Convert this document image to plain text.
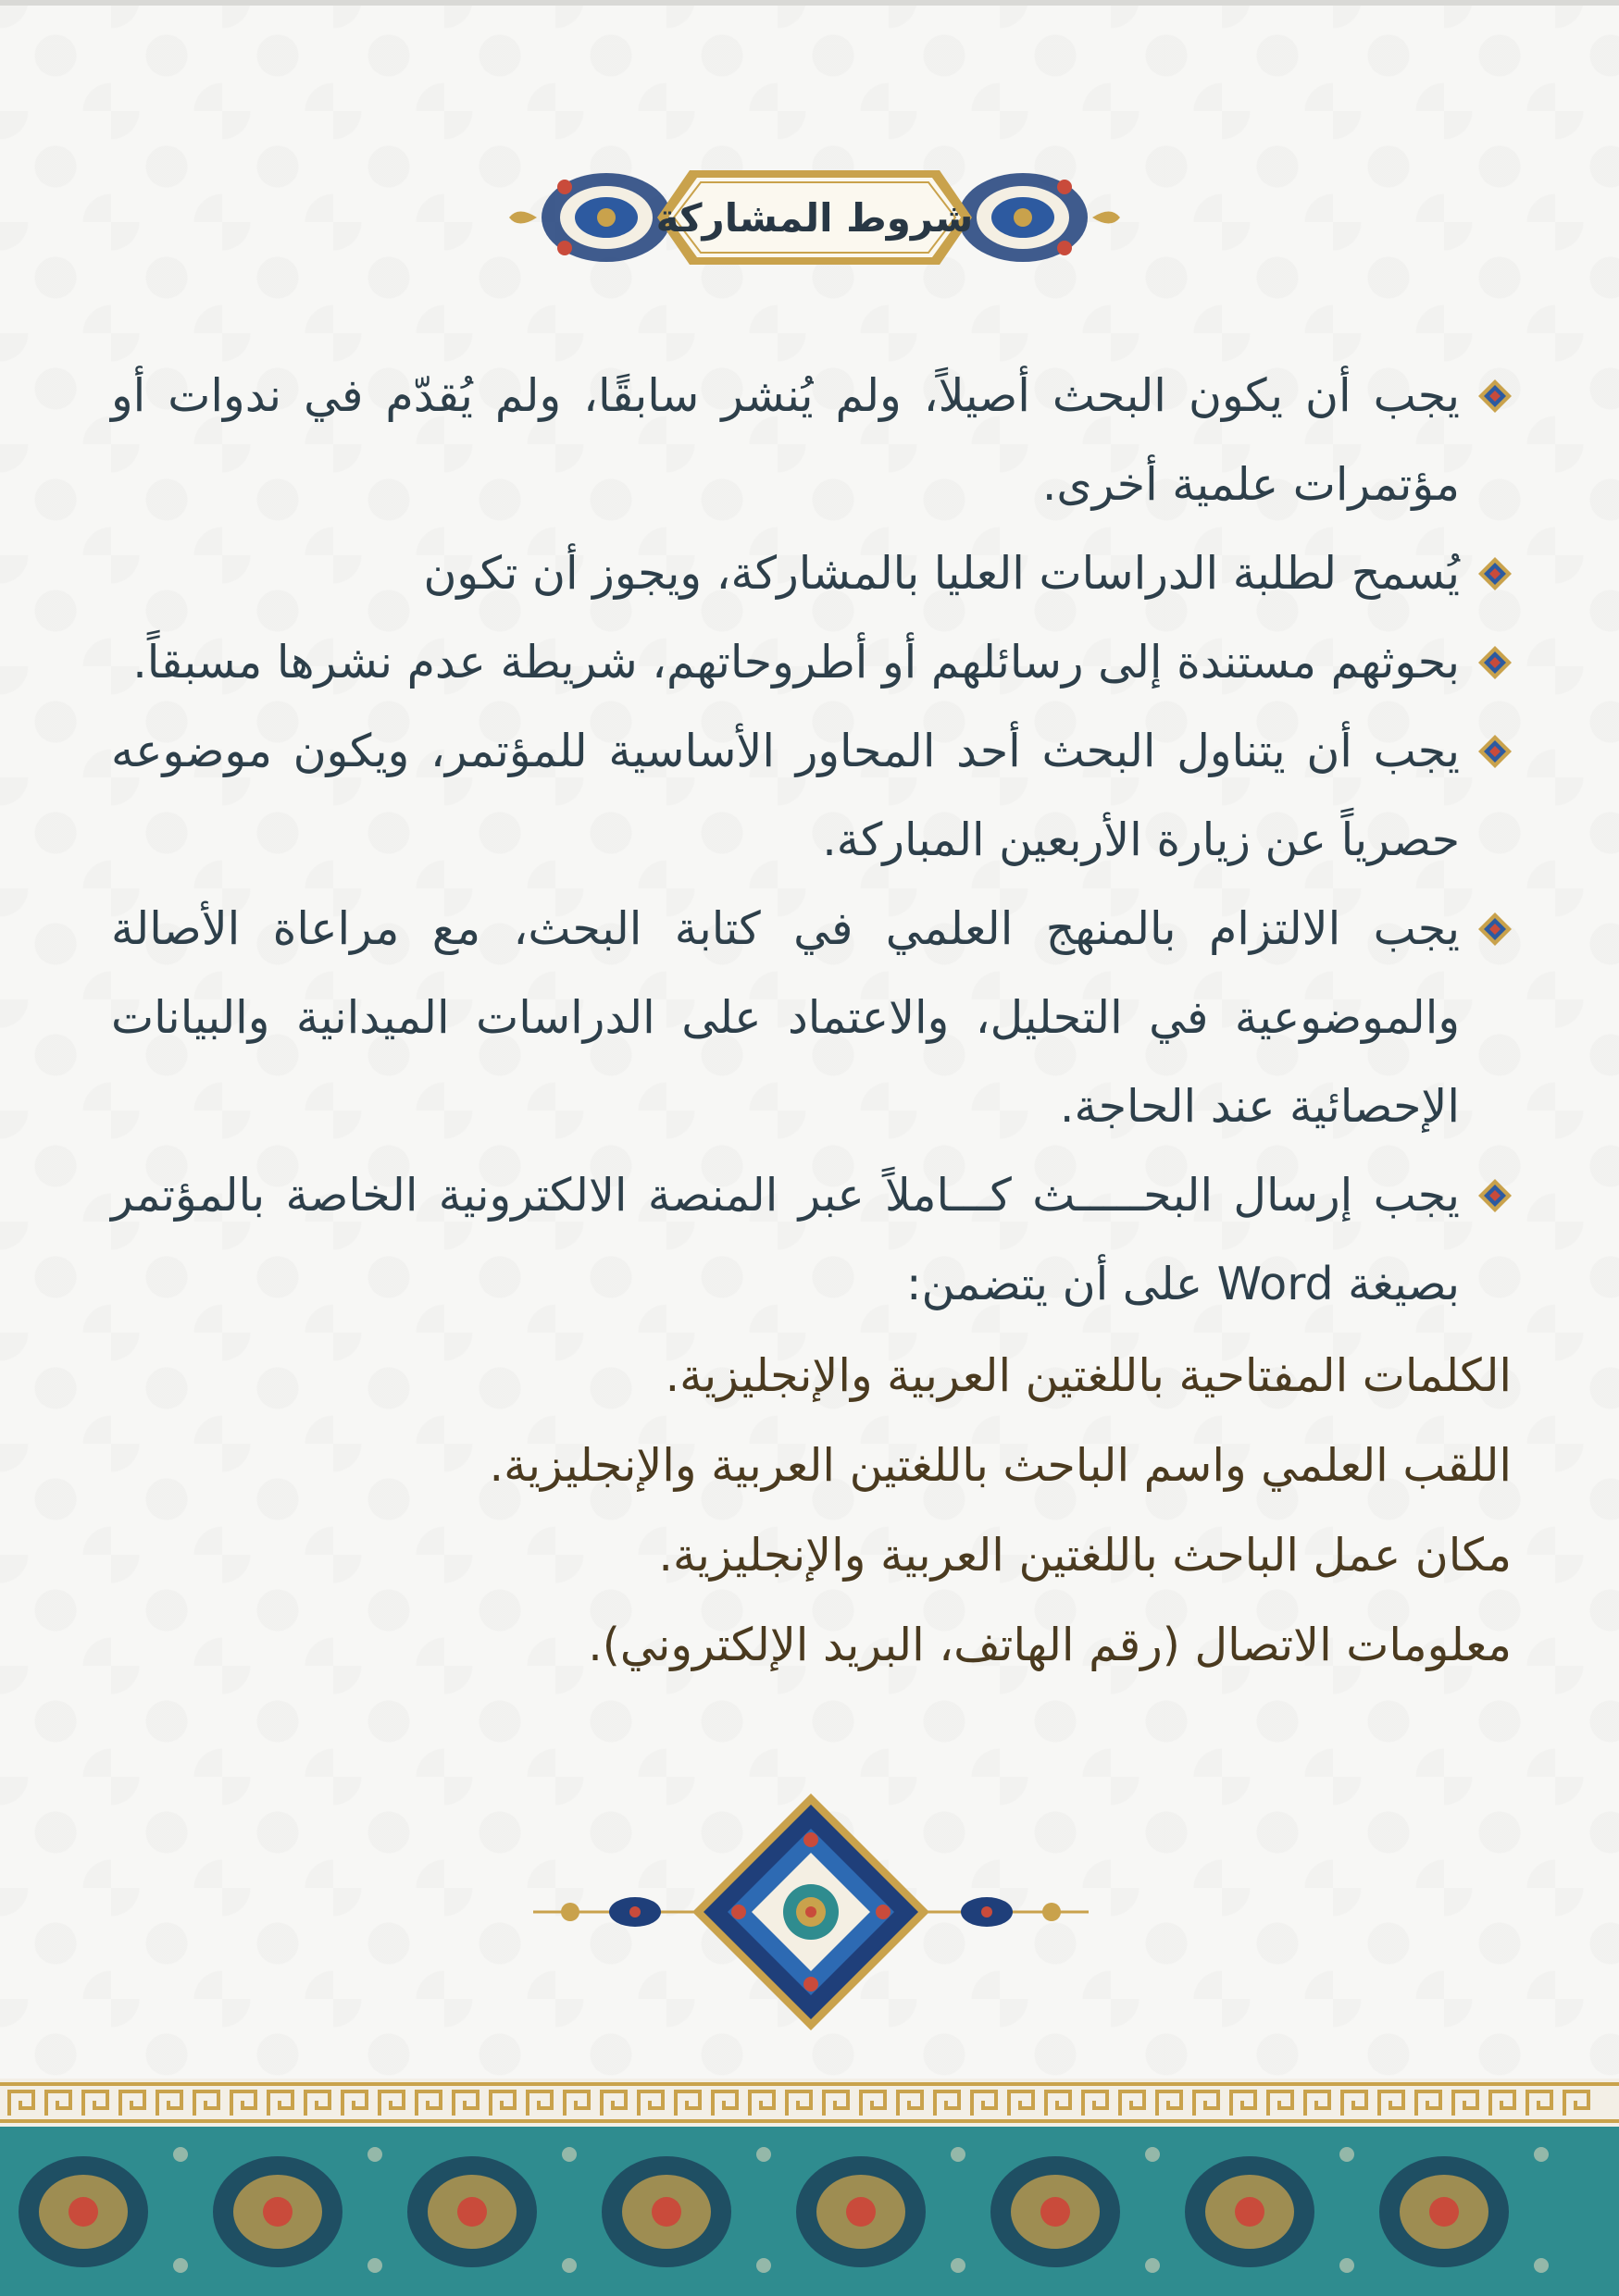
شروط المشاركة
يجب أن يكون البحث أصيلاً، ولم يُنشر سابقًا، ولم يُقدّم في ندوات أو مؤتمرات علمية أخرى.
يُسمح لطلبة الدراسات العليا بالمشاركة، ويجوز أن تكون
بحوثهم مستندة إلى رسائلهم أو أطروحاتهم، شريطة عدم نشرها مسبقاً.
يجب أن يتناول البحث أحد المحاور الأساسية للمؤتمر، ويكون موضوعه حصرياً عن زيارة الأربعين المباركة.
يجب الالتزام بالمنهج العلمي في كتابة البحث، مع مراعاة الأصالة والموضوعية في التحليل، والاعتماد على الدراسات الميدانية والبيانات الإحصائية عند الحاجة.
يجب إرسال البحـــــث كـــاملاً عبر المنصة الالكترونية الخاصة بالمؤتمر بصيغة Word على أن يتضمن:
الكلمات المفتاحية باللغتين العربية والإنجليزية.
اللقب العلمي واسم الباحث باللغتين العربية والإنجليزية.
مكان عمل الباحث باللغتين العربية والإنجليزية.
معلومات الاتصال (رقم الهاتف، البريد الإلكتروني).
